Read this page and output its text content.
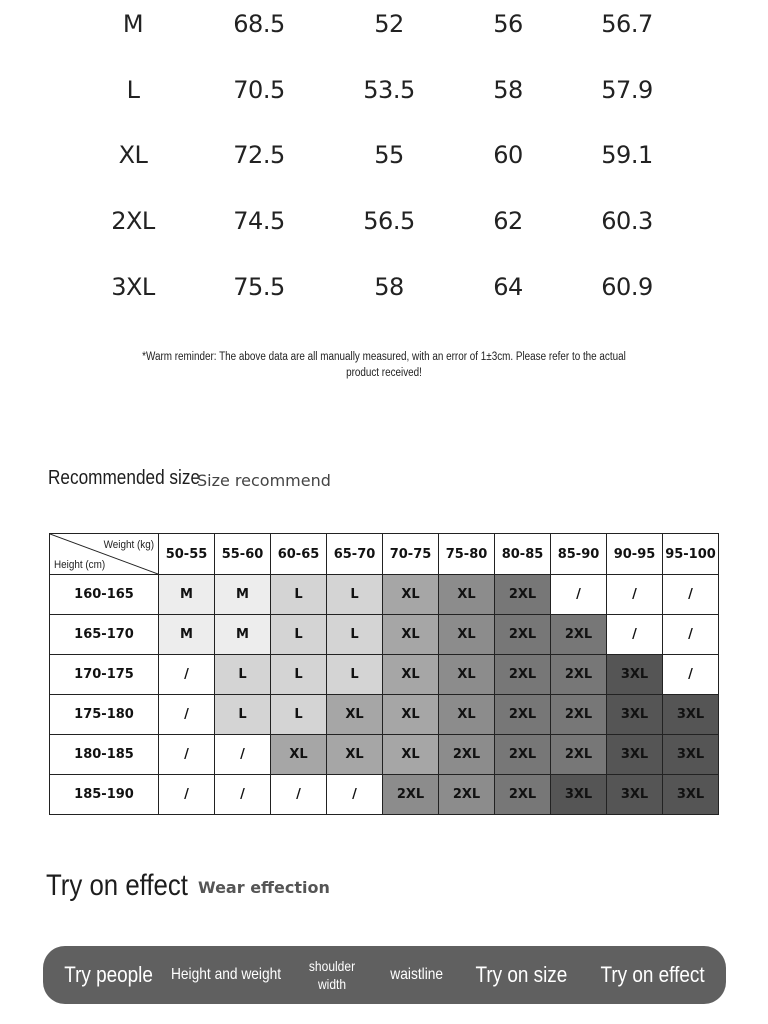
M	68.5	52	56	56.7
L	70.5	53.5	58	57.9
XL	72.5	55	60	59.1
2XL	74.5	56.5	62	60.3
3XL	75.5	58	64	60.9
*Warm reminder: The above data are all manually measured, with an error of 1±3cm. Please refer to the actual product received!
Recommended size
Size recommend
Weight (kg)
Height (cm)	50-55	55-60	60-65	65-70	70-75	75-80	80-85	85-90	90-95	95-100
160-165	M	M	L	L	XL	XL	2XL	/	/	/
165-170	M	M	L	L	XL	XL	2XL	2XL	/	/
170-175	/	L	L	L	XL	XL	2XL	2XL	3XL	/
175-180	/	L	L	XL	XL	XL	2XL	2XL	3XL	3XL
180-185	/	/	XL	XL	XL	2XL	2XL	2XL	3XL	3XL
185-190	/	/	/	/	2XL	2XL	2XL	3XL	3XL	3XL
Try on effect Wear effection
Try people Height and weight	shoulder width
waistline Try on size Try on effect
